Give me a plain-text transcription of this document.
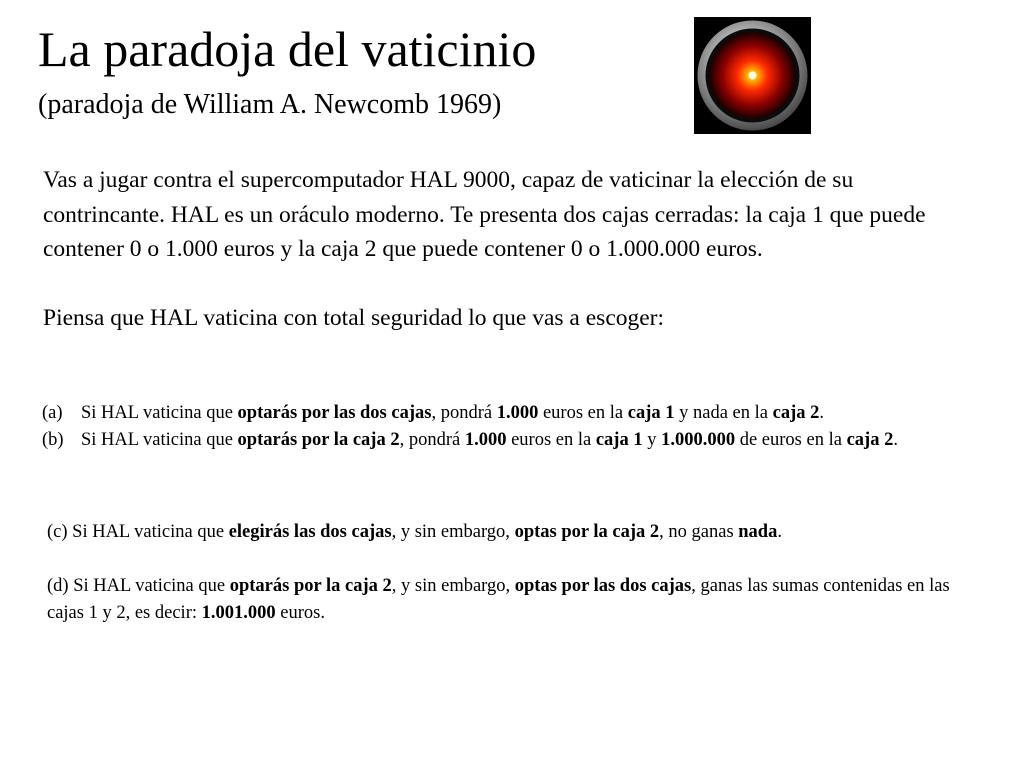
La paradoja del vaticinio
(paradoja de William A. Newcomb 1969)

Vas a jugar contra el supercomputador HAL 9000, capaz de vaticinar la elección de su contrincante. HAL es un oráculo moderno. Te presenta dos cajas cerradas: la caja 1 que puede contener 0 o 1.000 euros y la caja 2 que puede contener 0 o 1.000.000 euros.

Piensa que HAL vaticina con total seguridad lo que vas a escoger:

(a) Si HAL vaticina que optarás por las dos cajas, pondrá 1.000 euros en la caja 1 y nada en la caja 2.
(b) Si HAL vaticina que optarás por la caja 2, pondrá 1.000 euros en la caja 1 y 1.000.000 de euros en la caja 2.

(c) Si HAL vaticina que elegirás las dos cajas, y sin embargo, optas por la caja 2, no ganas nada.

(d) Si HAL vaticina que optarás por la caja 2, y sin embargo, optas por las dos cajas, ganas las sumas contenidas en las cajas 1 y 2, es decir: 1.001.000 euros.
